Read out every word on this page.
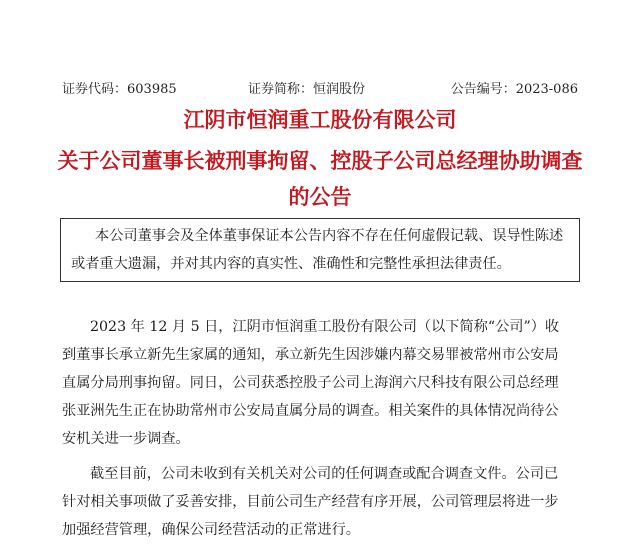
证券代码：603985	证券简称：恒润股份	公告编号：2023-086
江阴市恒润重工股份有限公司
关于公司董事长被刑事拘留、控股子公司总经理协助调查
的公告
本公司董事会及全体董事保证本公告内容不存在任何虚假记载、误导性陈述
或者重大遗漏，并对其内容的真实性、准确性和完整性承担法律责任。
2023 年 12 月 5 日，江阴市恒润重工股份有限公司（以下简称“公司”）收
到董事长承立新先生家属的通知，承立新先生因涉嫌内幕交易罪被常州市公安局
直属分局刑事拘留。同日，公司获悉控股子公司上海润六尺科技有限公司总经理
张亚洲先生正在协助常州市公安局直属分局的调查。相关案件的具体情况尚待公
安机关进一步调查。
截至目前，公司未收到有关机关对公司的任何调查或配合调查文件。公司已
针对相关事项做了妥善安排，目前公司生产经营有序开展，公司管理层将进一步
加强经营管理，确保公司经营活动的正常进行。
